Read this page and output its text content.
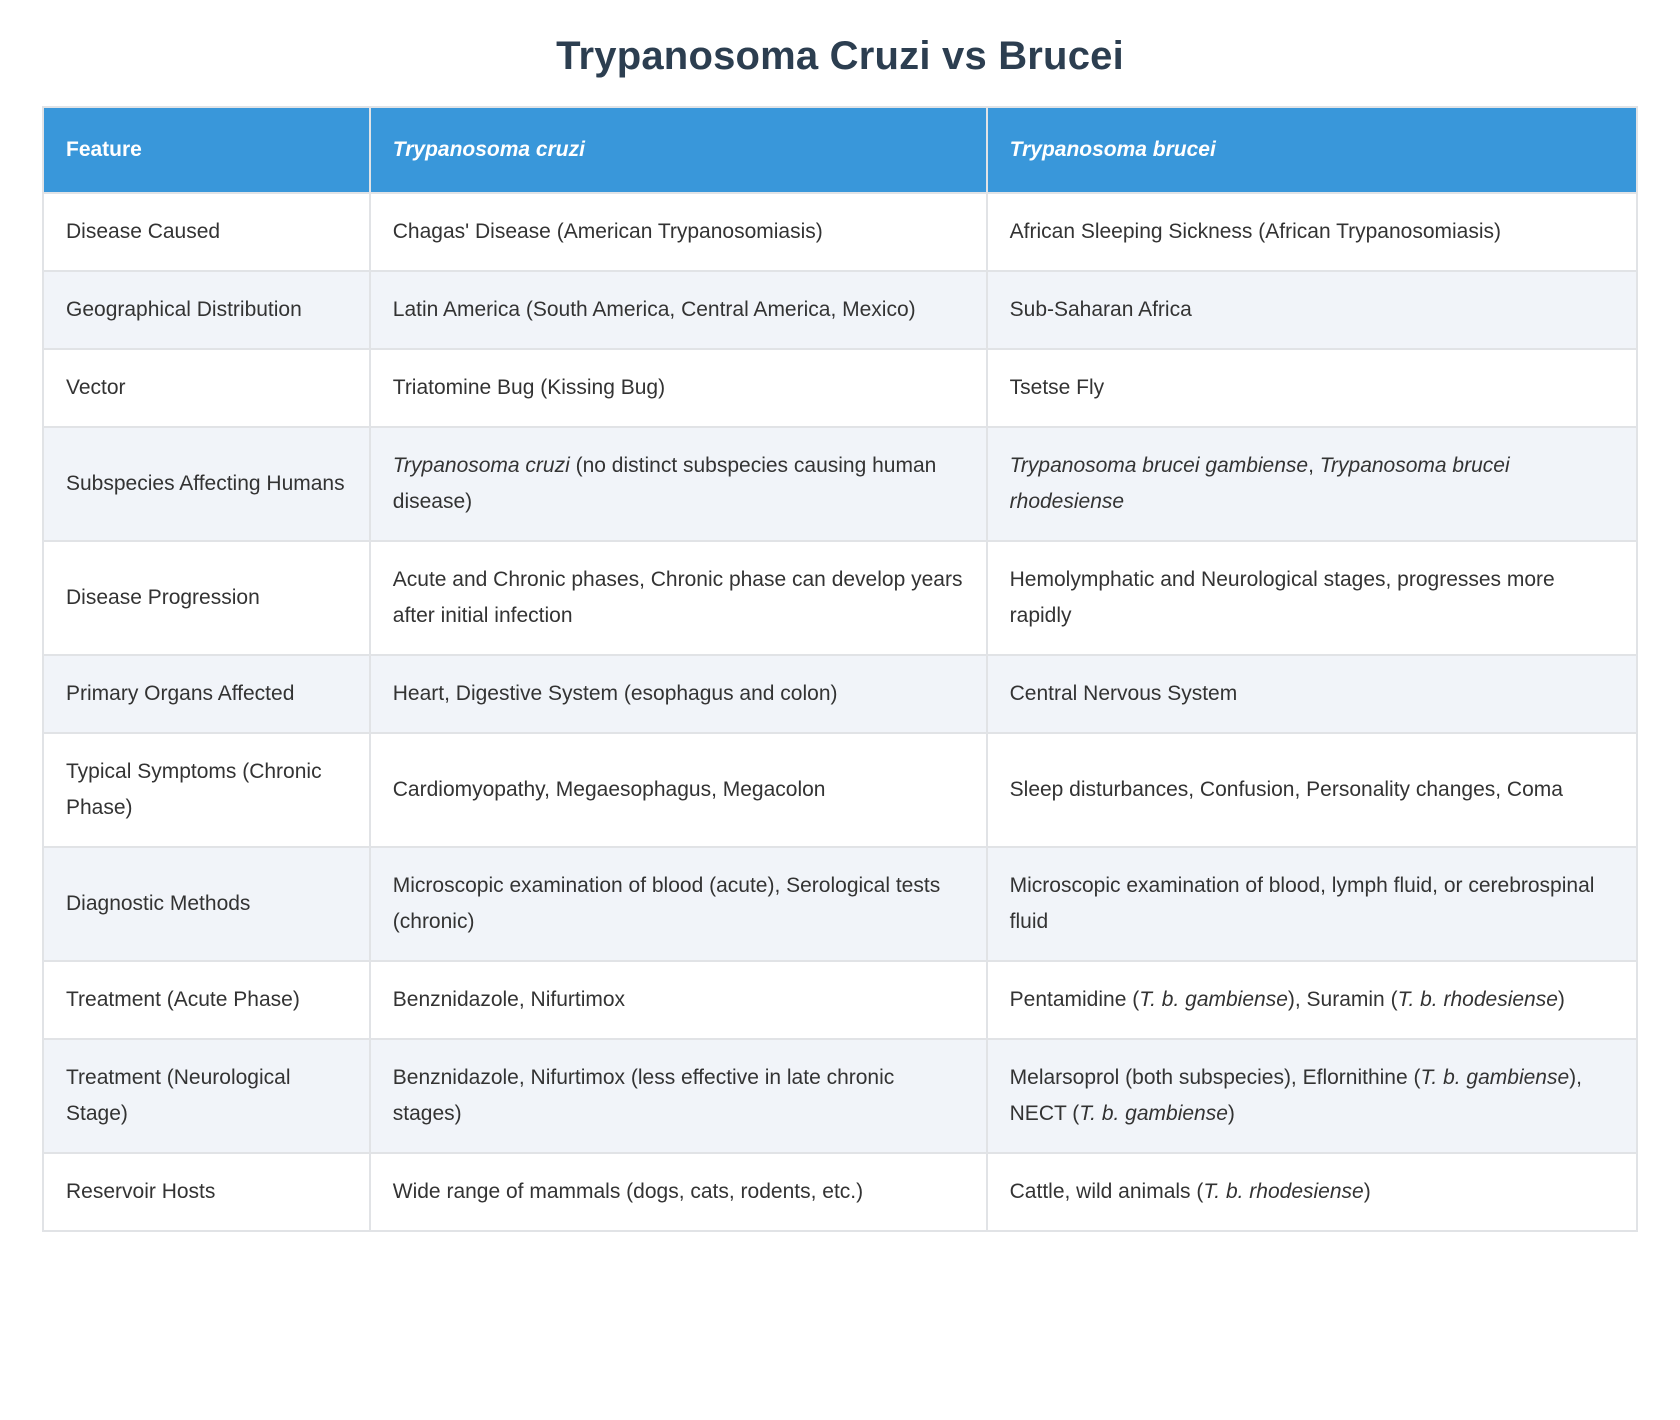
Trypanosoma Cruzi vs Brucei
Feature	Trypanosoma cruzi	Trypanosoma brucei
Disease Caused	Chagas' Disease (American Trypanosomiasis)	African Sleeping Sickness (African Trypanosomiasis)
Geographical Distribution	Latin America (South America, Central America, Mexico)	Sub-Saharan Africa
Vector	Triatomine Bug (Kissing Bug)	Tsetse Fly
Subspecies Affecting Humans	Trypanosoma cruzi (no distinct subspecies causing human disease)	Trypanosoma brucei gambiense, Trypanosoma brucei rhodesiense
Disease Progression	Acute and Chronic phases, Chronic phase can develop years after initial infection	Hemolymphatic and Neurological stages, progresses more rapidly
Primary Organs Affected	Heart, Digestive System (esophagus and colon)	Central Nervous System
Typical Symptoms (Chronic Phase)	Cardiomyopathy, Megaesophagus, Megacolon	Sleep disturbances, Confusion, Personality changes, Coma
Diagnostic Methods	Microscopic examination of blood (acute), Serological tests (chronic)	Microscopic examination of blood, lymph fluid, or cerebrospinal fluid
Treatment (Acute Phase)	Benznidazole, Nifurtimox	Pentamidine (T. b. gambiense), Suramin (T. b. rhodesiense)
Treatment (Neurological Stage)	Benznidazole, Nifurtimox (less effective in late chronic stages)	Melarsoprol (both subspecies), Eflornithine (T. b. gambiense), NECT (T. b. gambiense)
Reservoir Hosts	Wide range of mammals (dogs, cats, rodents, etc.)	Cattle, wild animals (T. b. rhodesiense)
